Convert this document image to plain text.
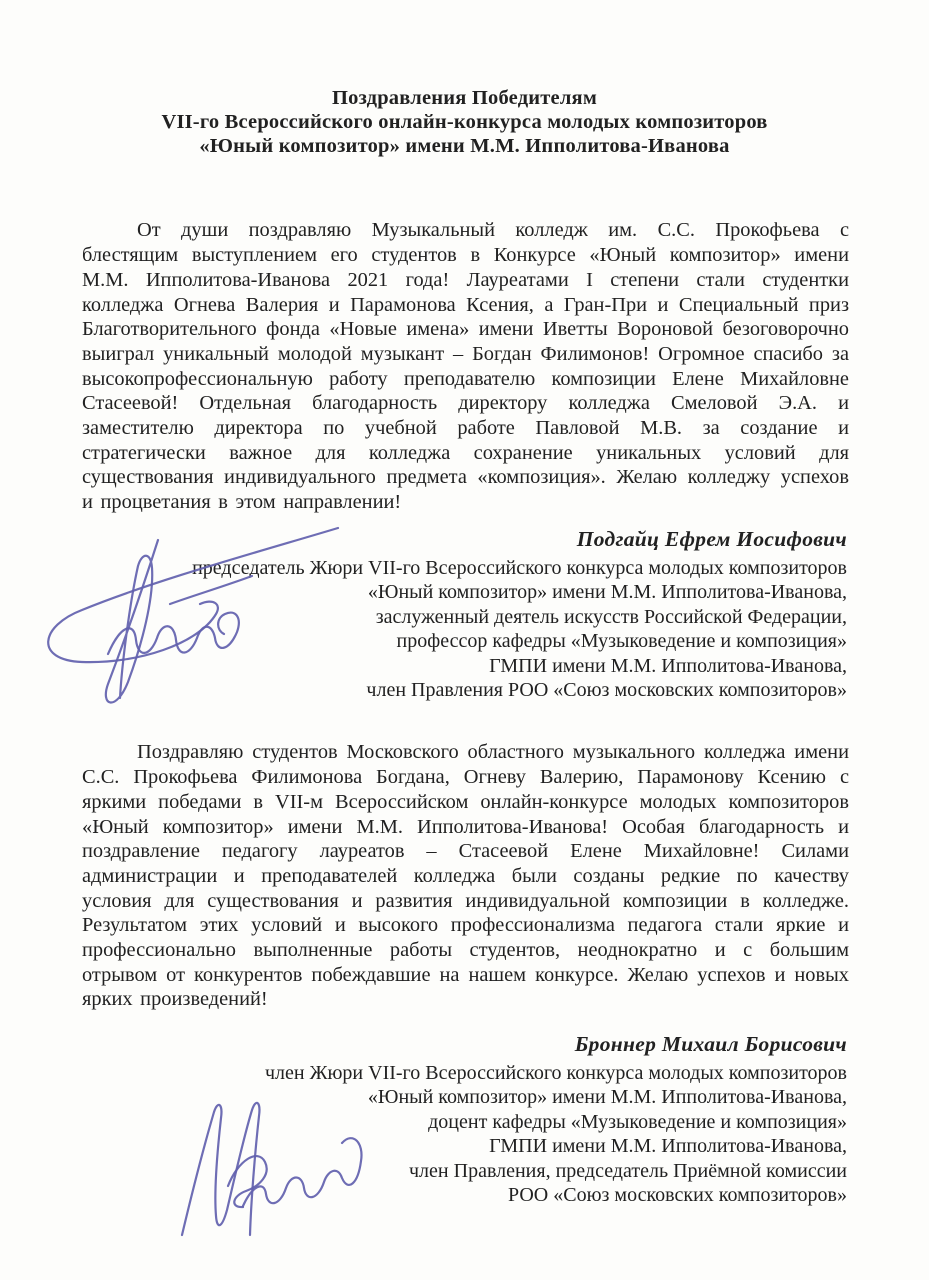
Поздравления Победителям
VII-го Всероссийского онлайн-конкурса молодых композиторов
«Юный композитор» имени М.М. Ипполитова-Иванова

От души поздравляю Музыкальный колледж им. С.С. Прокофьева с блестящим выступлением его студентов в Конкурсе «Юный композитор» имени М.М. Ипполитова-Иванова 2021 года! Лауреатами I степени стали студентки колледжа Огнева Валерия и Парамонова Ксения, а Гран-При и Специальный приз Благотворительного фонда «Новые имена» имени Иветты Вороновой безоговорочно выиграл уникальный молодой музыкант – Богдан Филимонов! Огромное спасибо за высокопрофессиональную работу преподавателю композиции Елене Михайловне Стасеевой! Отдельная благодарность директору колледжа Смеловой Э.А. и заместителю директора по учебной работе Павловой М.В. за создание и стратегически важное для колледжа сохранение уникальных условий для существования индивидуального предмета «композиция». Желаю колледжу успехов и процветания в этом направлении!

Подгайц Ефрем Иосифович
председатель Жюри VII-го Всероссийского конкурса молодых композиторов
«Юный композитор» имени М.М. Ипполитова-Иванова,
заслуженный деятель искусств Российской Федерации,
профессор кафедры «Музыковедение и композиция»
ГМПИ имени М.М. Ипполитова-Иванова,
член Правления РОО «Союз московских композиторов»

Поздравляю студентов Московского областного музыкального колледжа имени С.С. Прокофьева Филимонова Богдана, Огневу Валерию, Парамонову Ксению с яркими победами в VII-м Всероссийском онлайн-конкурсе молодых композиторов «Юный композитор» имени М.М. Ипполитова-Иванова! Особая благодарность и поздравление педагогу лауреатов – Стасеевой Елене Михайловне! Силами администрации и преподавателей колледжа были созданы редкие по качеству условия для существования и развития индивидуальной композиции в колледже. Результатом этих условий и высокого профессионализма педагога стали яркие и профессионально выполненные работы студентов, неоднократно и с большим отрывом от конкурентов побеждавшие на нашем конкурсе. Желаю успехов и новых ярких произведений!

Броннер Михаил Борисович
член Жюри VII-го Всероссийского конкурса молодых композиторов
«Юный композитор» имени М.М. Ипполитова-Иванова,
доцент кафедры «Музыковедение и композиция»
ГМПИ имени М.М. Ипполитова-Иванова,
член Правления, председатель Приёмной комиссии
РОО «Союз московских композиторов»
